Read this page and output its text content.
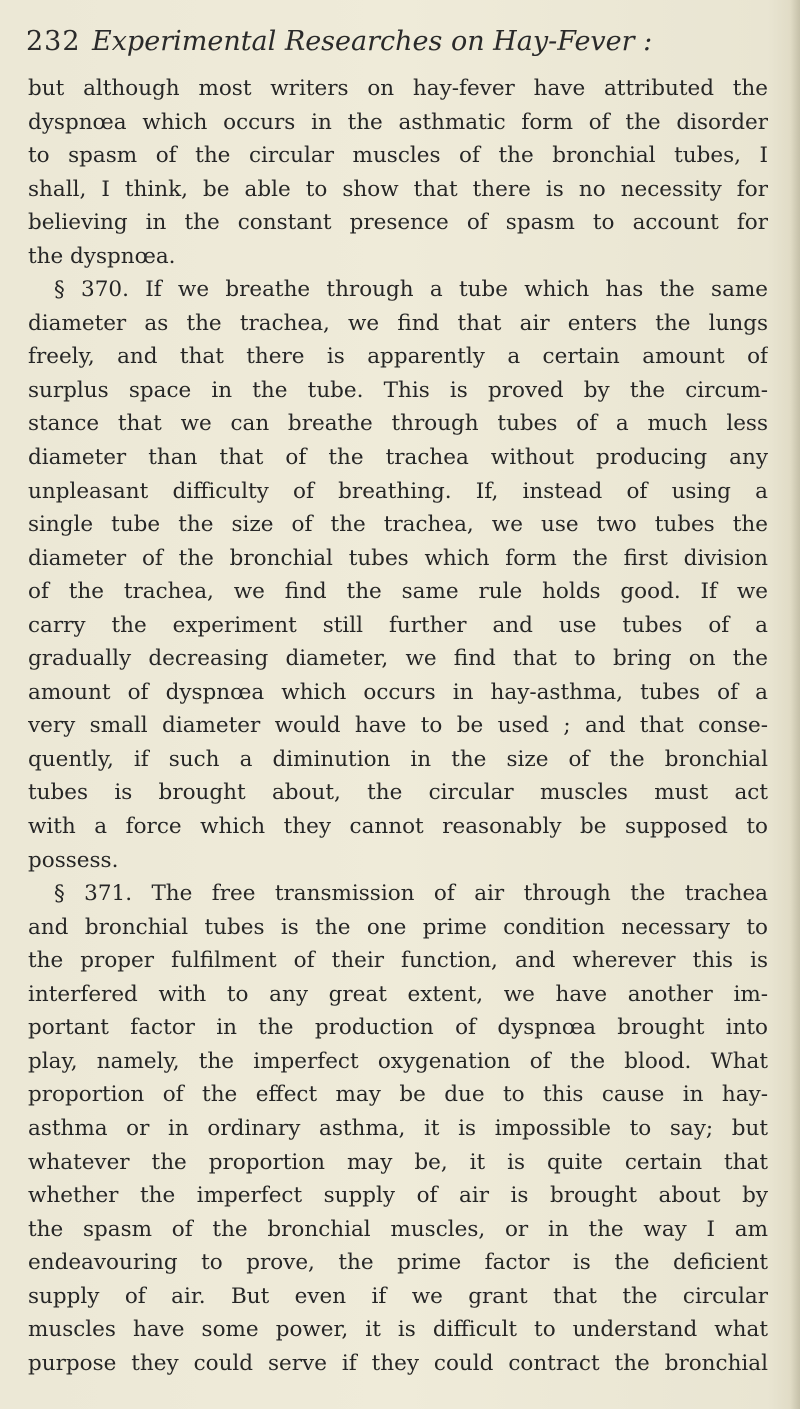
232 Experimental Researches on Hay-Fever :
but although most writers on hay-fever have attributed the
dyspnœa which occurs in the asthmatic form of the disorder
to spasm of the circular muscles of the bronchial tubes, I
shall, I think, be able to show that there is no necessity for
believing in the constant presence of spasm to account for
the dyspnœa.
§ 370. If we breathe through a tube which has the same
diameter as the trachea, we find that air enters the lungs
freely, and that there is apparently a certain amount of
surplus space in the tube. This is proved by the circum-
stance that we can breathe through tubes of a much less
diameter than that of the trachea without producing any
unpleasant difficulty of breathing. If, instead of using a
single tube the size of the trachea, we use two tubes the
diameter of the bronchial tubes which form the first division
of the trachea, we find the same rule holds good. If we
carry the experiment still further and use tubes of a
gradually decreasing diameter, we find that to bring on the
amount of dyspnœa which occurs in hay-asthma, tubes of a
very small diameter would have to be used ; and that conse-
quently, if such a diminution in the size of the bronchial
tubes is brought about, the circular muscles must act
with a force which they cannot reasonably be supposed to
possess.
§ 371. The free transmission of air through the trachea
and bronchial tubes is the one prime condition necessary to
the proper fulfilment of their function, and wherever this is
interfered with to any great extent, we have another im-
portant factor in the production of dyspnœa brought into
play, namely, the imperfect oxygenation of the blood. What
proportion of the effect may be due to this cause in hay-
asthma or in ordinary asthma, it is impossible to say; but
whatever the proportion may be, it is quite certain that
whether the imperfect supply of air is brought about by
the spasm of the bronchial muscles, or in the way I am
endeavouring to prove, the prime factor is the deficient
supply of air. But even if we grant that the circular
muscles have some power, it is difficult to understand what
purpose they could serve if they could contract the bronchial
